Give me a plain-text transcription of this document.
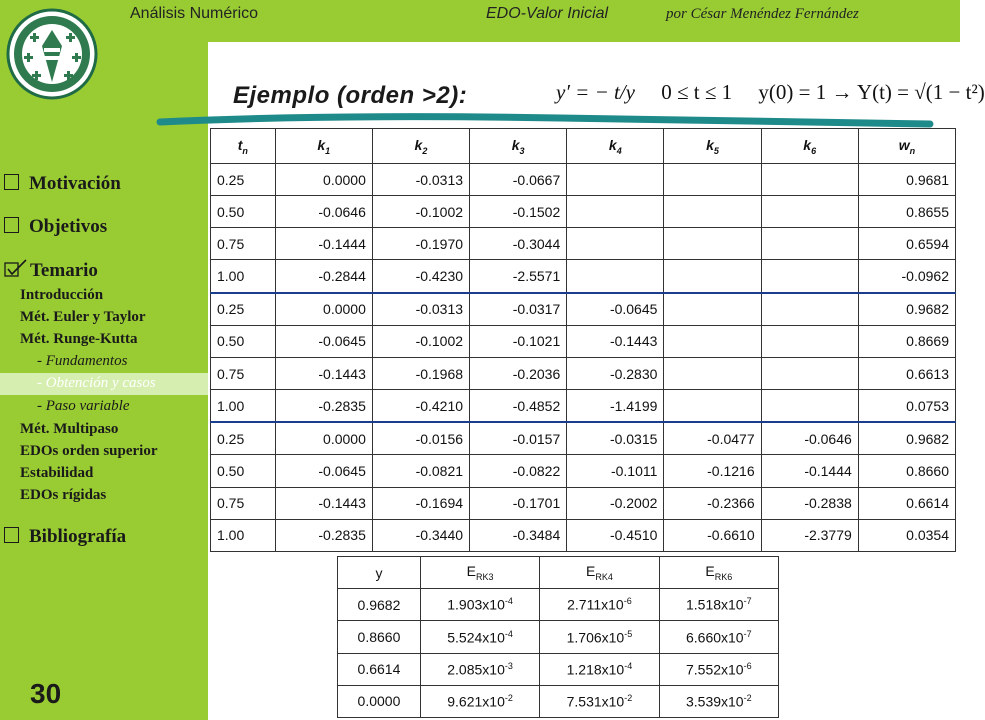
Análisis Numérico	EDO-Valor Inicial	por César Menéndez Fernández
Ejemplo (orden >2):	y′ = − t/y 0 ≤ t ≤ 1 y(0) = 1 → Y(t) = √(1 − t²)
Motivación
Objetivos
Temario
Introducción
Mét. Euler y Taylor
Mét. Runge-Kutta
- Fundamentos
- Obtención y casos
- Paso variable
Mét. Multipaso
EDOs orden superior
Estabilidad
EDOs rígidas
Bibliografía
30
$t_n$	$k_1$	$k_2$	$k_3$	$k_4$	$k_5$	$k_6$	$w_n$
0.25	0.0000	-0.0313	-0.0667				0.9681
0.50	-0.0646	-0.1002	-0.1502				0.8655
0.75	-0.1444	-0.1970	-0.3044				0.6594
1.00	-0.2844	-0.4230	-2.5571				-0.0962
0.25	0.0000	-0.0313	-0.0317	-0.0645			0.9682
0.50	-0.0645	-0.1002	-0.1021	-0.1443			0.8669
0.75	-0.1443	-0.1968	-0.2036	-0.2830			0.6613
1.00	-0.2835	-0.4210	-0.4852	-1.4199			0.0753
0.25	0.0000	-0.0156	-0.0157	-0.0315	-0.0477	-0.0646	0.9682
0.50	-0.0645	-0.0821	-0.0822	-0.1011	-0.1216	-0.1444	0.8660
0.75	-0.1443	-0.1694	-0.1701	-0.2002	-0.2366	-0.2838	0.6614
1.00	-0.2835	-0.3440	-0.3484	-0.4510	-0.6610	-2.3779	0.0354
y	$E_{RK3}$	$E_{RK4}$	$E_{RK6}$
0.9682	$1.903x10^{-4}$	$2.711x10^{-6}$	$1.518x10^{-7}$
0.8660	$5.524x10^{-4}$	$1.706x10^{-5}$	$6.660x10^{-7}$
0.6614	$2.085x10^{-3}$	$1.218x10^{-4}$	$7.552x10^{-6}$
0.0000	$9.621x10^{-2}$	$7.531x10^{-2}$	$3.539x10^{-2}$
